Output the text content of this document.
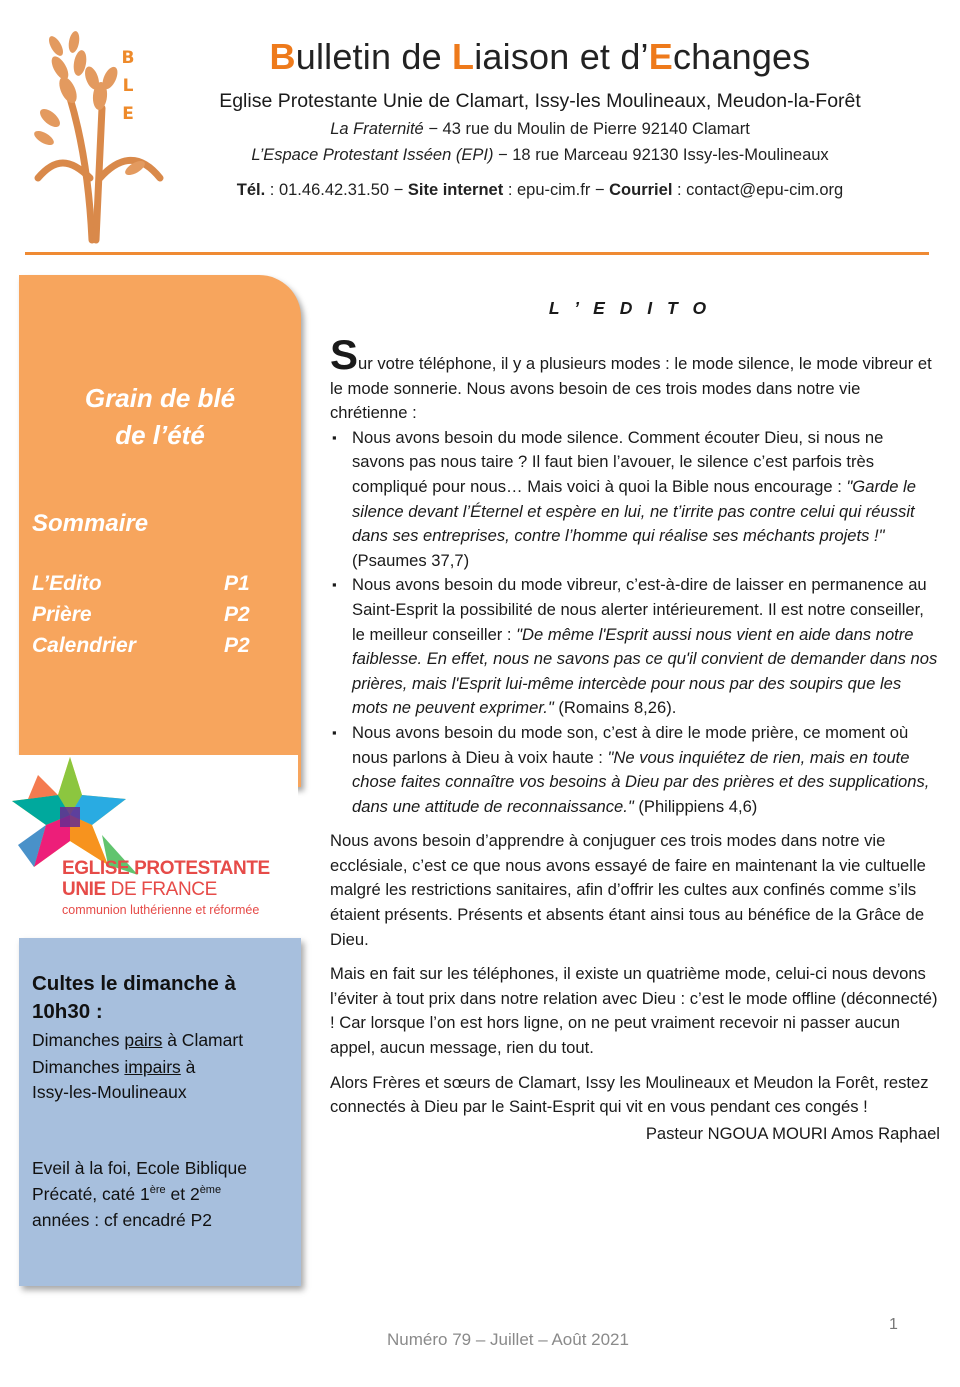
B
L
E
Bulletin de Liaison et d’Echanges
Eglise Protestante Unie de Clamart, Issy-les Moulineaux, Meudon-la-Forêt
La Fraternité − 43 rue du Moulin de Pierre 92140 Clamart
L’Espace Protestant Isséen (EPI) − 18 rue Marceau 92130 Issy-les-Moulineaux
Tél. : 01.46.42.31.50 − Site internet : epu-cim.fr − Courriel : contact@epu-cim.org
Grain de blé
de l’été
Sommaire
L’Edito	P1
Prière	P2
Calendrier	P2
EGLISE PROTESTANTE
UNIE DE FRANCE
communion luthérienne et réformée
Cultes le dimanche à 10h30 :
Dimanches pairs à Clamart
Dimanches impairs à
Issy-les-Moulineaux
Eveil à la foi, Ecole Biblique
Précaté, caté 1ère et 2ème
années : cf encadré P2
L ’ E D I T O

Sur votre téléphone, il y a plusieurs modes : le mode silence, le mode vibreur et le mode sonnerie. Nous avons besoin de ces trois modes dans notre vie chrétienne :

▪ Nous avons besoin du mode silence. Comment écouter Dieu, si nous ne savons pas nous taire ? Il faut bien l’avouer, le silence c’est parfois très compliqué pour nous… Mais voici à quoi la Bible nous encourage : "Garde le silence devant l’Éternel et espère en lui, ne t’irrite pas contre celui qui réussit dans ses entreprises, contre l’homme qui réalise ses méchants projets !" (Psaumes 37,7)
▪ Nous avons besoin du mode vibreur, c’est-à-dire de laisser en permanence au Saint-Esprit la possibilité de nous alerter intérieurement. Il est notre conseiller, le meilleur conseiller : "De même l'Esprit aussi nous vient en aide dans notre faiblesse. En effet, nous ne savons pas ce qu'il convient de demander dans nos prières, mais l'Esprit lui-même intercède pour nous par des soupirs que les mots ne peuvent exprimer." (Romains 8,26).
▪ Nous avons besoin du mode son, c’est à dire le mode prière, ce moment où nous parlons à Dieu à voix haute : "Ne vous inquiétez de rien, mais en toute chose faites connaître vos besoins à Dieu par des prières et des supplications, dans une attitude de reconnaissance." (Philippiens 4,6)

Nous avons besoin d’apprendre à conjuguer ces trois modes dans notre vie ecclésiale, c’est ce que nous avons essayé de faire en maintenant la vie cultuelle malgré les restrictions sanitaires, afin d’offrir les cultes aux confinés comme s’ils étaient présents. Présents et absents étant ainsi tous au bénéfice de la Grâce de Dieu.

Mais en fait sur les téléphones, il existe un quatrième mode, celui-ci nous devons l’éviter à tout prix dans notre relation avec Dieu : c’est le mode offline (déconnecté) ! Car lorsque l’on est hors ligne, on ne peut vraiment recevoir ni passer aucun appel, aucun message, rien du tout.

Alors Frères et sœurs de Clamart, Issy les Moulineaux et Meudon la Forêt, restez connectés à Dieu par le Saint-Esprit qui vit en vous pendant ces congés !

Pasteur NGOUA MOURI Amos Raphael

1
Numéro 79 – Juillet – Août 2021
